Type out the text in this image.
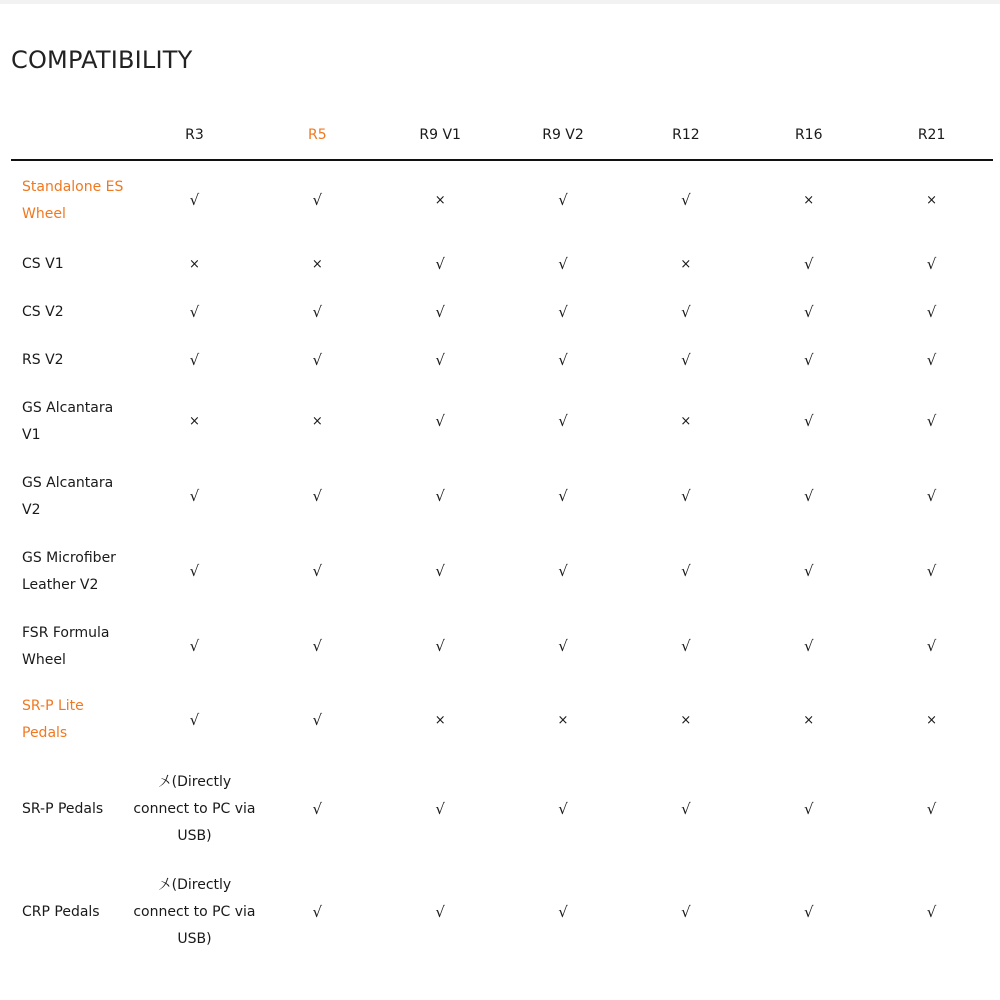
COMPATIBILITY
	R3	R5	R9 V1	R9 V2	R12	R16	R21
Standalone ES Wheel	√	√	×	√	√	×	×
CS V1	×	×	√	√	×	√	√
CS V2	√	√	√	√	√	√	√
RS V2	√	√	√	√	√	√	√
GS Alcantara V1	×	×	√	√	×	√	√
GS Alcantara V2	√	√	√	√	√	√	√
GS Microfiber Leather V2	√	√	√	√	√	√	√
FSR Formula Wheel	√	√	√	√	√	√	√
SR-P Lite Pedals	√	√	×	×	×	×	×
SR-P Pedals	〤(Directly connect to PC via USB)	√	√	√	√	√	√
CRP Pedals	〤(Directly connect to PC via USB)	√	√	√	√	√	√
